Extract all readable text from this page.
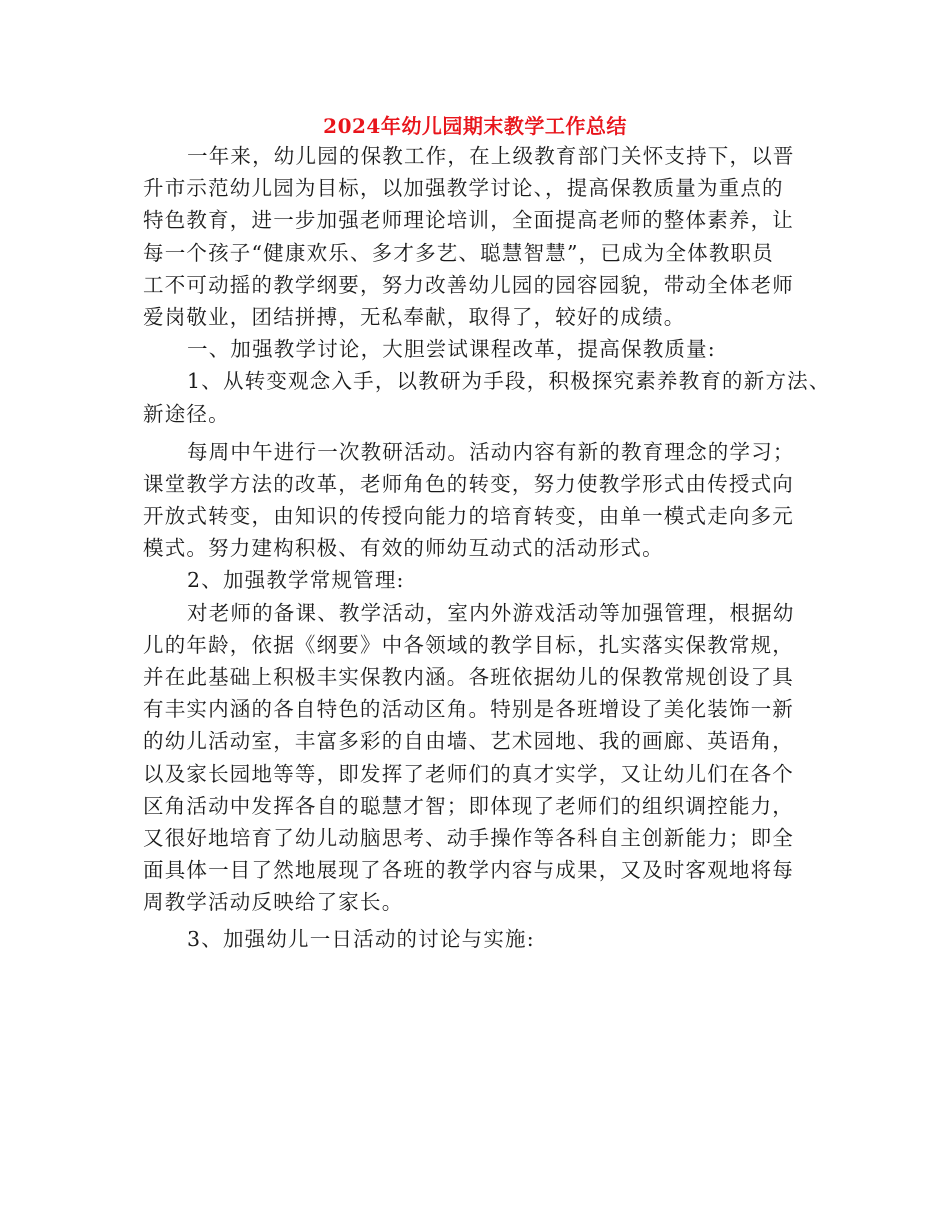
2024年幼儿园期末教学工作总结
一年来，幼儿园的保教工作，在上级教育部门关怀支持下，以晋
升市示范幼儿园为目标，以加强教学讨论、，提高保教质量为重点的
特色教育，进一步加强老师理论培训，全面提高老师的整体素养，让
每一个孩子“健康欢乐、多才多艺、聪慧智慧”，已成为全体教职员
工不可动摇的教学纲要，努力改善幼儿园的园容园貌，带动全体老师
爱岗敬业，团结拼搏，无私奉献，取得了，较好的成绩。
一、加强教学讨论，大胆尝试课程改革，提高保教质量:
1、从转变观念入手，以教研为手段，积极探究素养教育的新方法、
新途径。
每周中午进行一次教研活动。活动内容有新的教育理念的学习；
课堂教学方法的改革，老师角色的转变，努力使教学形式由传授式向
开放式转变，由知识的传授向能力的培育转变，由单一模式走向多元
模式。努力建构积极、有效的师幼互动式的活动形式。
2、加强教学常规管理:
对老师的备课、教学活动，室内外游戏活动等加强管理，根据幼
儿的年龄，依据《纲要》中各领域的教学目标，扎实落实保教常规，
并在此基础上积极丰实保教内涵。各班依据幼儿的保教常规创设了具
有丰实内涵的各自特色的活动区角。特别是各班增设了美化装饰一新
的幼儿活动室，丰富多彩的自由墙、艺术园地、我的画廊、英语角，
以及家长园地等等，即发挥了老师们的真才实学，又让幼儿们在各个
区角活动中发挥各自的聪慧才智；即体现了老师们的组织调控能力，
又很好地培育了幼儿动脑思考、动手操作等各科自主创新能力；即全
面具体一目了然地展现了各班的教学内容与成果，又及时客观地将每
周教学活动反映给了家长。
3、加强幼儿一日活动的讨论与实施:
